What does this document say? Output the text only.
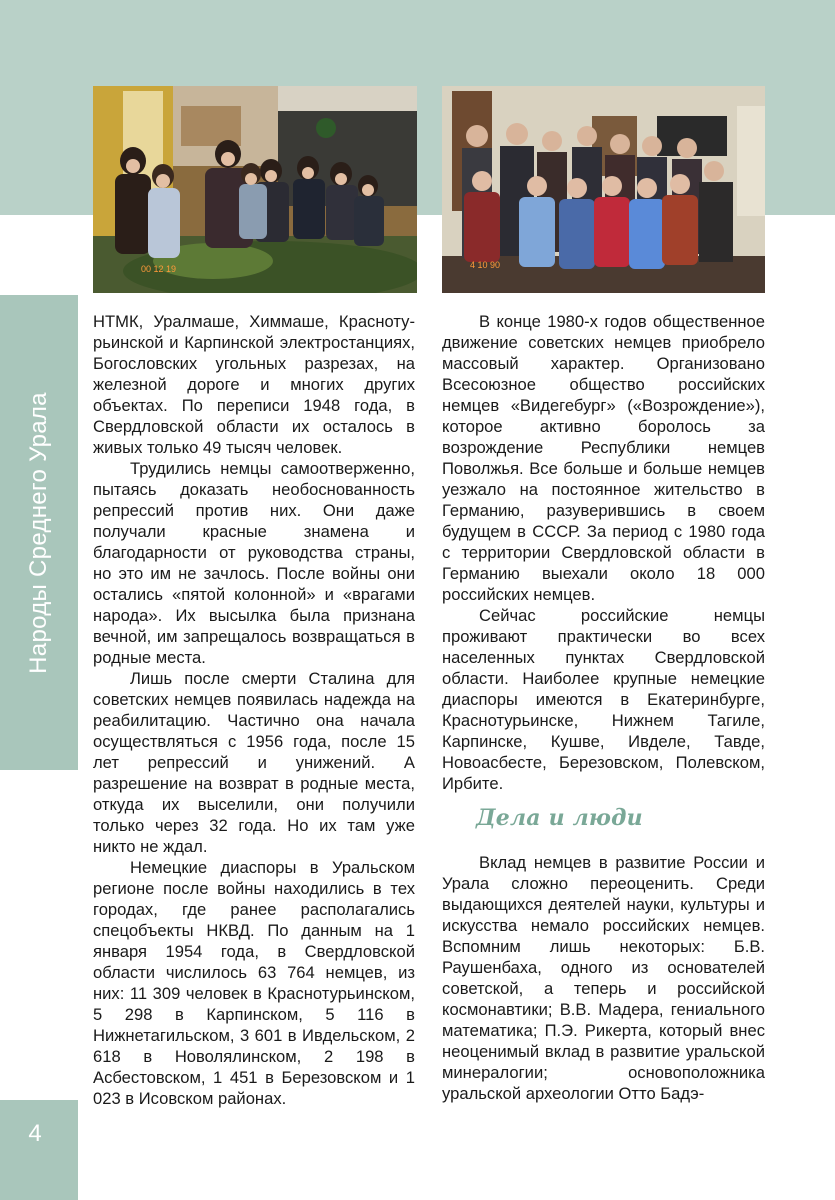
Народы Среднего Урала
4
00 12 19	4 10 90

НТМК, Уралмаше, Химмаше, Краснотурьинской и Карпинской электростанциях, Богословских угольных разрезах, на железной дороге и многих других объектах. По переписи 1948 года, в Свердловской области их осталось в живых только 49 тысяч человек.

Трудились немцы самоотверженно, пытаясь доказать необоснованность репрессий против них. Они даже получали красные знамена и благодарности от руководства страны, но это им не зачлось. После войны они остались «пятой колонной» и «врагами народа». Их высылка была признана вечной, им запрещалось возвращаться в родные места.

Лишь после смерти Сталина для советских немцев появилась надежда на реабилитацию. Частично она начала осуществляться с 1956 года, после 15 лет репрессий и унижений. А разрешение на возврат в родные места, откуда их выселили, они получили только через 32 года. Но их там уже никто не ждал.

Немецкие диаспоры в Уральском регионе после войны находились в тех городах, где ранее располагались спецобъекты НКВД. По данным на 1 января 1954 года, в Свердловской области числилось 63 764 немцев, из них: 11 309 человек в Краснотурьинском, 5 298 в Карпинском, 5 116 в Нижнетагильском, 3 601 в Ивдельском, 2 618 в Новолялинском, 2 198 в Асбестовском, 1 451 в Березовском и 1 023 в Исовском районах.

В конце 1980-х годов общественное движение советских немцев приобрело массовый характер. Организовано Всесоюзное общество российских немцев «Видегебург» («Возрождение»), которое активно боролось за возрождение Республики немцев Поволжья. Все больше и больше немцев уезжало на постоянное жительство в Германию, разуверившись в своем будущем в СССР. За период с 1980 года с территории Свердловской области в Германию выехали около 18 000 российских немцев.

Сейчас российские немцы проживают практически во всех населенных пунктах Свердловской области. Наиболее крупные немецкие диаспоры имеются в Екатеринбурге, Краснотурьинске, Нижнем Тагиле, Карпинске, Кушве, Ивделе, Тавде, Новоасбесте, Березовском, Полевском, Ирбите.

Дела и люди

Вклад немцев в развитие России и Урала сложно переоценить. Среди выдающихся деятелей науки, культуры и искусства немало российских немцев. Вспомним лишь некоторых: Б.В. Раушенбаха, одного из основателей советской, а теперь и российской космонавтики; В.В. Мадера, гениального математика; П.Э. Рикерта, который внес неоценимый вклад в развитие уральской минералогии; основоположника уральской археологии Отто Бадэ-
